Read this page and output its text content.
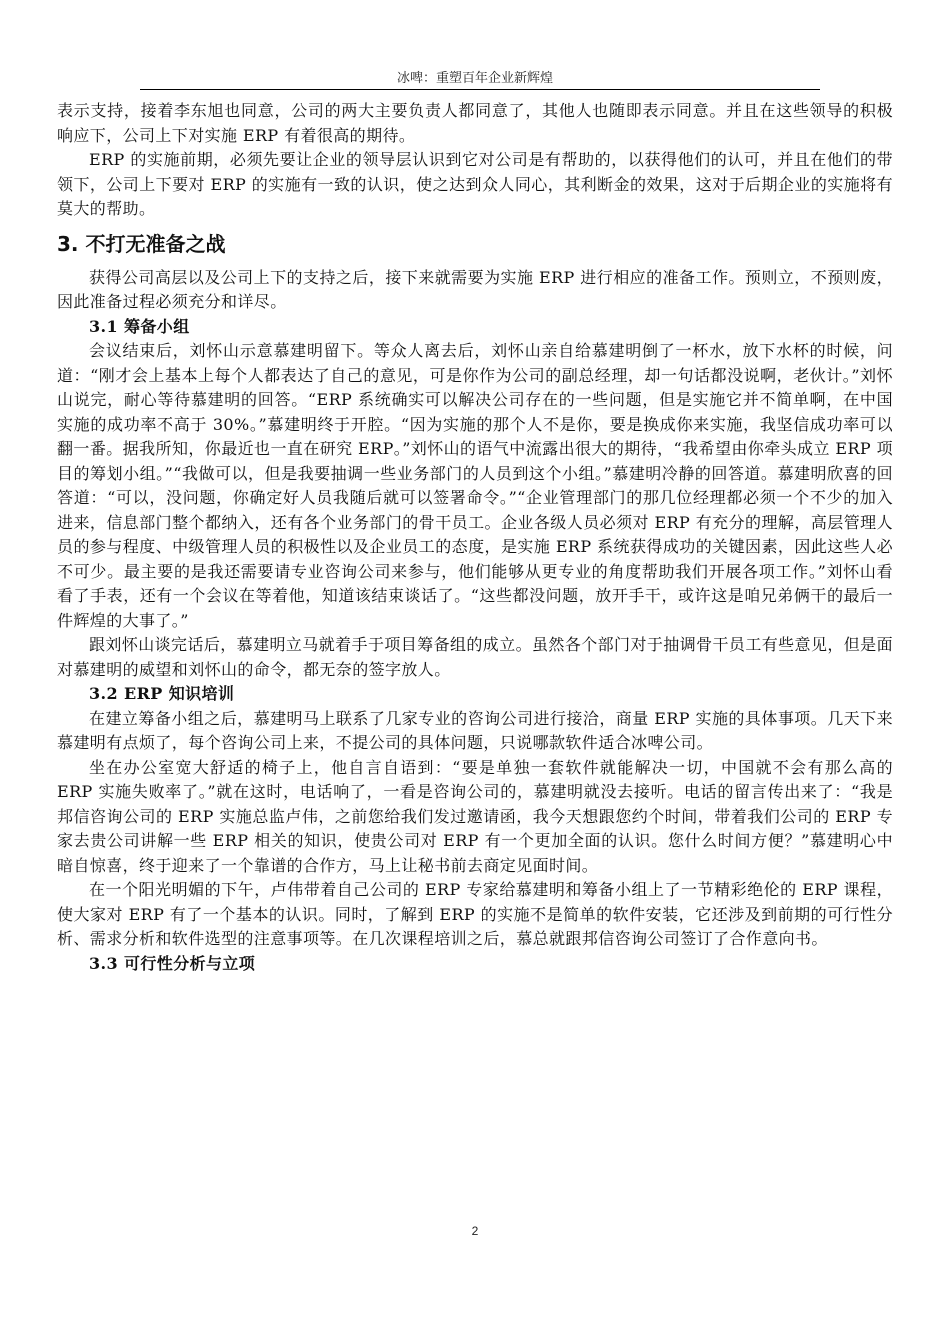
冰啤：重塑百年企业新辉煌

表示支持，接着李东旭也同意，公司的两大主要负责人都同意了，其他人也随即表示同意。并且在这些领导的积极响应下，公司上下对实施 ERP 有着很高的期待。

ERP 的实施前期，必须先要让企业的领导层认识到它对公司是有帮助的，以获得他们的认可，并且在他们的带领下，公司上下要对 ERP 的实施有一致的认识，使之达到众人同心，其利断金的效果，这对于后期企业的实施将有莫大的帮助。

3. 不打无准备之战

获得公司高层以及公司上下的支持之后，接下来就需要为实施 ERP 进行相应的准备工作。预则立，不预则废，因此准备过程必须充分和详尽。

3.1 筹备小组

会议结束后，刘怀山示意慕建明留下。等众人离去后，刘怀山亲自给慕建明倒了一杯水，放下水杯的时候，问道：“刚才会上基本上每个人都表达了自己的意见，可是你作为公司的副总经理，却一句话都没说啊，老伙计。”刘怀山说完，耐心等待慕建明的回答。“ERP 系统确实可以解决公司存在的一些问题，但是实施它并不简单啊，在中国实施的成功率不高于 30%。”慕建明终于开腔。“因为实施的那个人不是你，要是换成你来实施，我坚信成功率可以翻一番。据我所知，你最近也一直在研究 ERP。”刘怀山的语气中流露出很大的期待，“我希望由你牵头成立 ERP 项目的筹划小组。”“我做可以，但是我要抽调一些业务部门的人员到这个小组。”慕建明冷静的回答道。慕建明欣喜的回答道：“可以，没问题，你确定好人员我随后就可以签署命令。”“企业管理部门的那几位经理都必须一个不少的加入进来，信息部门整个都纳入，还有各个业务部门的骨干员工。企业各级人员必须对 ERP 有充分的理解，高层管理人员的参与程度、中级管理人员的积极性以及企业员工的态度，是实施 ERP 系统获得成功的关键因素，因此这些人必不可少。最主要的是我还需要请专业咨询公司来参与，他们能够从更专业的角度帮助我们开展各项工作。”刘怀山看看了手表，还有一个会议在等着他，知道该结束谈话了。“这些都没问题，放开手干，或许这是咱兄弟俩干的最后一件辉煌的大事了。”

跟刘怀山谈完话后，慕建明立马就着手于项目筹备组的成立。虽然各个部门对于抽调骨干员工有些意见，但是面对慕建明的威望和刘怀山的命令，都无奈的签字放人。

3.2 ERP 知识培训

在建立筹备小组之后，慕建明马上联系了几家专业的咨询公司进行接洽，商量 ERP 实施的具体事项。几天下来慕建明有点烦了，每个咨询公司上来，不提公司的具体问题，只说哪款软件适合冰啤公司。

坐在办公室宽大舒适的椅子上，他自言自语到：“要是单独一套软件就能解决一切，中国就不会有那么高的 ERP 实施失败率了。”就在这时，电话响了，一看是咨询公司的，慕建明就没去接听。电话的留言传出来了：“我是邦信咨询公司的 ERP 实施总监卢伟，之前您给我们发过邀请函，我今天想跟您约个时间，带着我们公司的 ERP 专家去贵公司讲解一些 ERP 相关的知识，使贵公司对 ERP 有一个更加全面的认识。您什么时间方便？”慕建明心中暗自惊喜，终于迎来了一个靠谱的合作方，马上让秘书前去商定见面时间。

在一个阳光明媚的下午，卢伟带着自己公司的 ERP 专家给慕建明和筹备小组上了一节精彩绝伦的 ERP 课程，使大家对 ERP 有了一个基本的认识。同时，了解到 ERP 的实施不是简单的软件安装，它还涉及到前期的可行性分析、需求分析和软件选型的注意事项等。在几次课程培训之后，慕总就跟邦信咨询公司签订了合作意向书。

3.3 可行性分析与立项

2
